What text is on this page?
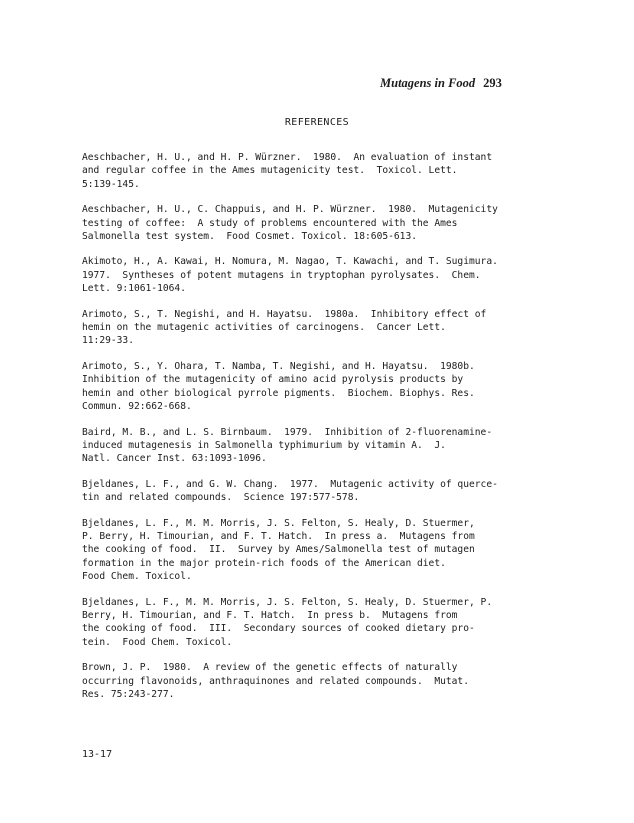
Mutagens in Food 293
REFERENCES
Aeschbacher, H. U., and H. P. Würzner.  1980.  An evaluation of instant
and regular coffee in the Ames mutagenicity test.  Toxicol. Lett.
5:139-145.
Aeschbacher, H. U., C. Chappuis, and H. P. Würzner.  1980.  Mutagenicity
testing of coffee:  A study of problems encountered with the Ames
Salmonella test system.  Food Cosmet. Toxicol. 18:605-613.
Akimoto, H., A. Kawai, H. Nomura, M. Nagao, T. Kawachi, and T. Sugimura.
1977.  Syntheses of potent mutagens in tryptophan pyrolysates.  Chem.
Lett. 9:1061-1064.
Arimoto, S., T. Negishi, and H. Hayatsu.  1980a.  Inhibitory effect of
hemin on the mutagenic activities of carcinogens.  Cancer Lett.
11:29-33.
Arimoto, S., Y. Ohara, T. Namba, T. Negishi, and H. Hayatsu.  1980b.
Inhibition of the mutagenicity of amino acid pyrolysis products by
hemin and other biological pyrrole pigments.  Biochem. Biophys. Res.
Commun. 92:662-668.
Baird, M. B., and L. S. Birnbaum.  1979.  Inhibition of 2-fluorenamine-
induced mutagenesis in Salmonella typhimurium by vitamin A.  J.
Natl. Cancer Inst. 63:1093-1096.
Bjeldanes, L. F., and G. W. Chang.  1977.  Mutagenic activity of querce-
tin and related compounds.  Science 197:577-578.
Bjeldanes, L. F., M. M. Morris, J. S. Felton, S. Healy, D. Stuermer,
P. Berry, H. Timourian, and F. T. Hatch.  In press a.  Mutagens from
the cooking of food.  II.  Survey by Ames/Salmonella test of mutagen
formation in the major protein-rich foods of the American diet.
Food Chem. Toxicol.
Bjeldanes, L. F., M. M. Morris, J. S. Felton, S. Healy, D. Stuermer, P.
Berry, H. Timourian, and F. T. Hatch.  In press b.  Mutagens from
the cooking of food.  III.  Secondary sources of cooked dietary pro-
tein.  Food Chem. Toxicol.
Brown, J. P.  1980.  A review of the genetic effects of naturally
occurring flavonoids, anthraquinones and related compounds.  Mutat.
Res. 75:243-277.
13-17
